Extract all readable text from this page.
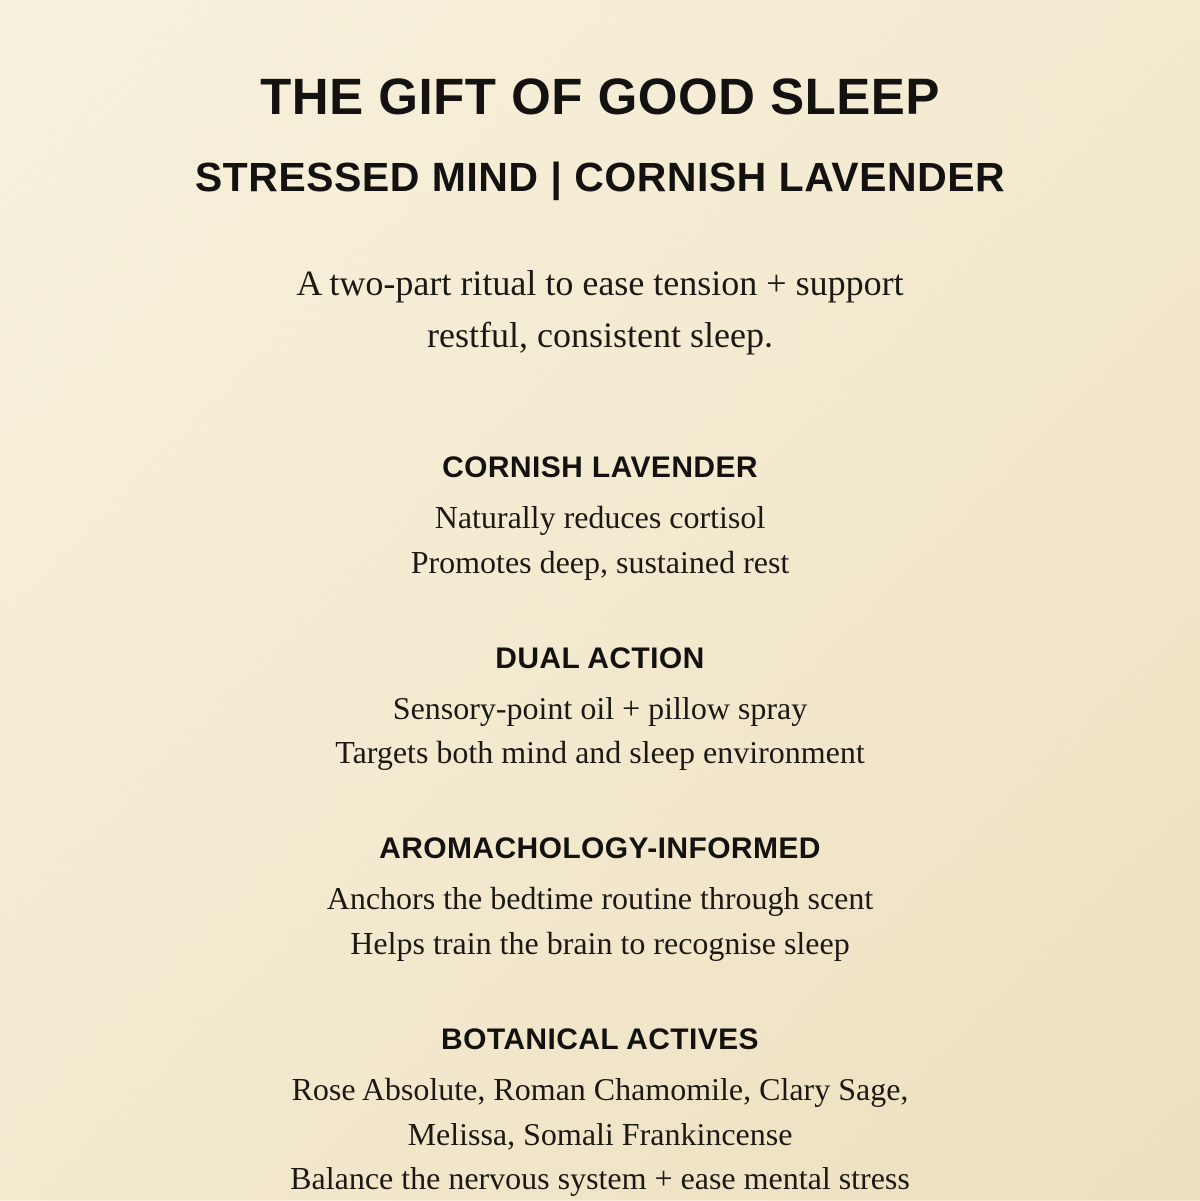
THE GIFT OF GOOD SLEEP
STRESSED MIND | CORNISH LAVENDER
A two-part ritual to ease tension + support
restful, consistent sleep.
CORNISH LAVENDER
Naturally reduces cortisol
Promotes deep, sustained rest
DUAL ACTION
Sensory-point oil + pillow spray
Targets both mind and sleep environment
AROMACHOLOGY-INFORMED
Anchors the bedtime routine through scent
Helps train the brain to recognise sleep
BOTANICAL ACTIVES
Rose Absolute, Roman Chamomile, Clary Sage,
Melissa, Somali Frankincense
Balance the nervous system + ease mental stress
